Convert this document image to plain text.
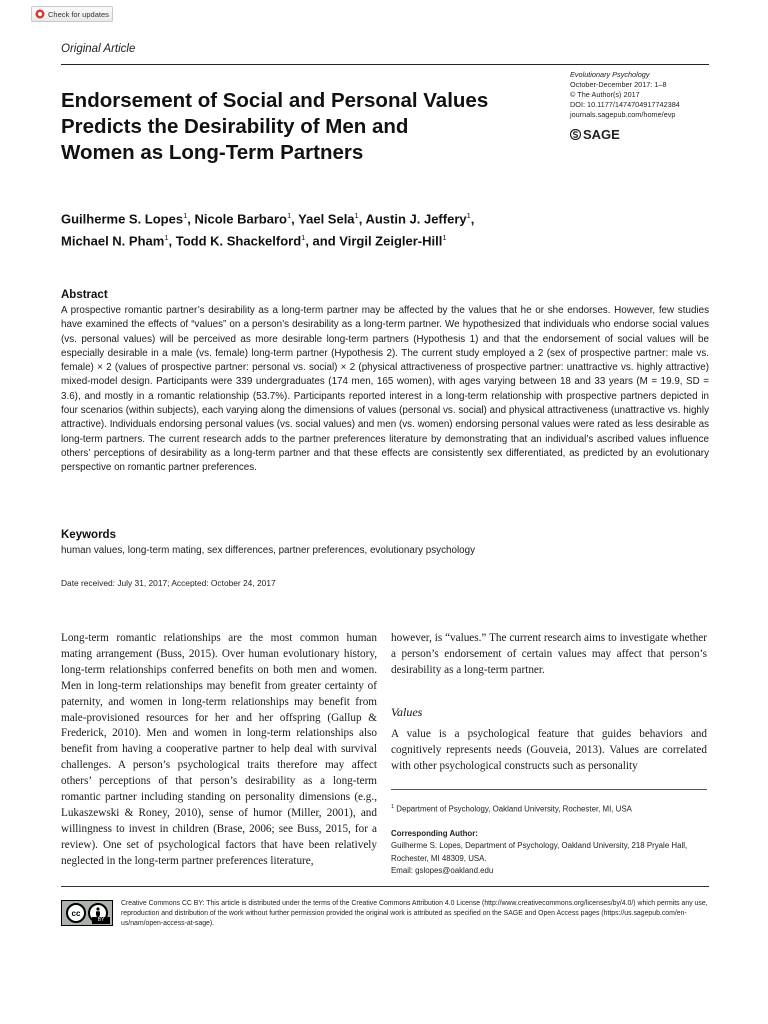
Check for updates
Original Article
Endorsement of Social and Personal Values
Predicts the Desirability of Men and
Women as Long-Term Partners
Evolutionary Psychology
October-December 2017: 1–8
© The Author(s) 2017
DOI: 10.1177/1474704917742384
journals.sagepub.com/home/evp
SAGE
Guilherme S. Lopes$^1$, Nicole Barbaro$^1$, Yael Sela$^1$, Austin J. Jeffery$^1$,
Michael N. Pham$^1$, Todd K. Shackelford$^1$, and Virgil Zeigler-Hill$^1$
Abstract
A prospective romantic partner’s desirability as a long-term partner may be affected by the values that he or she endorses. However, few studies have examined the effects of “values” on a person’s desirability as a long-term partner. We hypothesized that individuals who endorse social values (vs. personal values) will be perceived as more desirable long-term partners (Hypothesis 1) and that the endorsement of social values will be especially desirable in a male (vs. female) long-term partner (Hypothesis 2). The current study employed a 2 (sex of prospective partner: male vs. female) × 2 (values of prospective partner: personal vs. social) × 2 (physical attractiveness of prospective partner: unattractive vs. highly attractive) mixed-model design. Participants were 339 undergraduates (174 men, 165 women), with ages varying between 18 and 33 years (M = 19.9, SD = 3.6), and mostly in a romantic relationship (53.7%). Participants reported interest in a long-term relationship with prospective partners depicted in four scenarios (within subjects), each varying along the dimensions of values (personal vs. social) and physical attractiveness (unattractive vs. highly attractive). Individuals endorsing personal values (vs. social values) and men (vs. women) endorsing personal values were rated as less desirable as long-term partners. The current research adds to the partner preferences literature by demonstrating that an individual’s ascribed values influence others’ perceptions of desirability as a long-term partner and that these effects are consistently sex differentiated, as predicted by an evolutionary perspective on romantic partner preferences.
Keywords
human values, long-term mating, sex differences, partner preferences, evolutionary psychology
Date received: July 31, 2017; Accepted: October 24, 2017
Long-term romantic relationships are the most common human mating arrangement (Buss, 2015). Over human evolutionary history, long-term relationships conferred benefits on both men and women. Men in long-term relationships may benefit from greater certainty of paternity, and women in long-term relationships may benefit from male-provisioned resources for her and her offspring (Gallup & Frederick, 2010). Men and women in long-term relationships also benefit from having a cooperative partner to help deal with survival challenges. A person’s psychological traits therefore may affect others’ perceptions of that person’s desirability as a long-term romantic partner including standing on personality dimensions (e.g., Lukaszewski & Roney, 2010), sense of humor (Miller, 2001), and willingness to invest in children (Brase, 2006; see Buss, 2015, for a review). One set of psychological factors that have been relatively neglected in the long-term partner preferences literature,
however, is “values.” The current research aims to investigate whether a person’s endorsement of certain values may affect that person’s desirability as a long-term partner.
Values
A value is a psychological feature that guides behaviors and cognitively represents needs (Gouveia, 2013). Values are correlated with other psychological constructs such as personality
$^1$ Department of Psychology, Oakland University, Rochester, MI, USA
Corresponding Author:
Guilherme S. Lopes, Department of Psychology, Oakland University, 218 Pryale Hall, Rochester, MI 48309, USA.
Email: gslopes@oakland.edu
cc
BY
Creative Commons CC BY: This article is distributed under the terms of the Creative Commons Attribution 4.0 License (http://www.creativecommons.org/licenses/by/4.0/) which permits any use, reproduction and distribution of the work without further permission provided the original work is attributed as specified on the SAGE and Open Access pages (https://us.sagepub.com/en-us/nam/open-access-at-sage).
